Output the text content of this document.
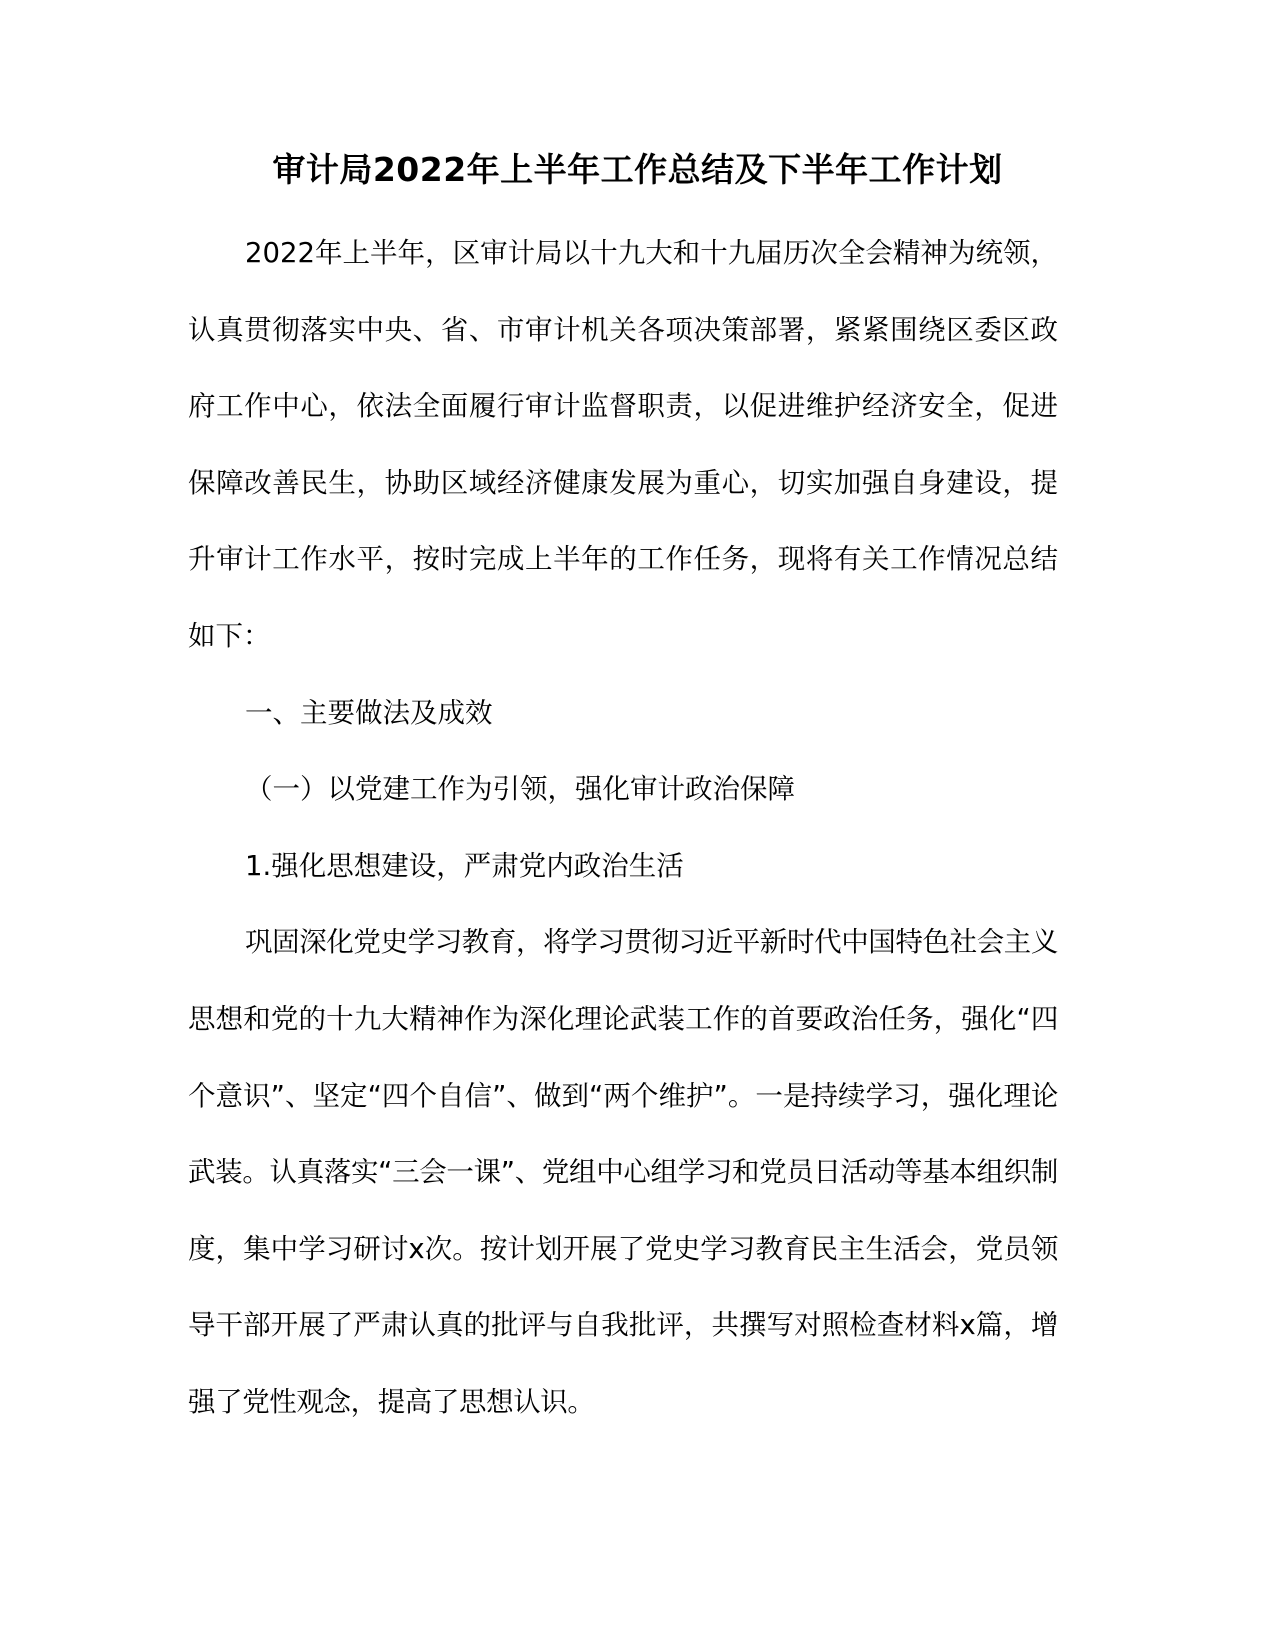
审计局2022年上半年工作总结及下半年工作计划

2022年上半年，区审计局以十九大和十九届历次全会精神为统领，认真贯彻落实中央、省、市审计机关各项决策部署，紧紧围绕区委区政府工作中心，依法全面履行审计监督职责，以促进维护经济安全，促进保障改善民生，协助区域经济健康发展为重心，切实加强自身建设，提升审计工作水平，按时完成上半年的工作任务，现将有关工作情况总结如下：

一、主要做法及成效

（一）以党建工作为引领，强化审计政治保障

1.强化思想建设，严肃党内政治生活

巩固深化党史学习教育，将学习贯彻习近平新时代中国特色社会主义思想和党的十九大精神作为深化理论武装工作的首要政治任务，强化“四个意识”、坚定“四个自信”、做到“两个维护”。一是持续学习，强化理论武装。认真落实“三会一课”、党组中心组学习和党员日活动等基本组织制度，集中学习研讨x次。按计划开展了党史学习教育民主生活会，党员领导干部开展了严肃认真的批评与自我批评，共撰写对照检查材料x篇，增强了党性观念，提高了思想认识。
